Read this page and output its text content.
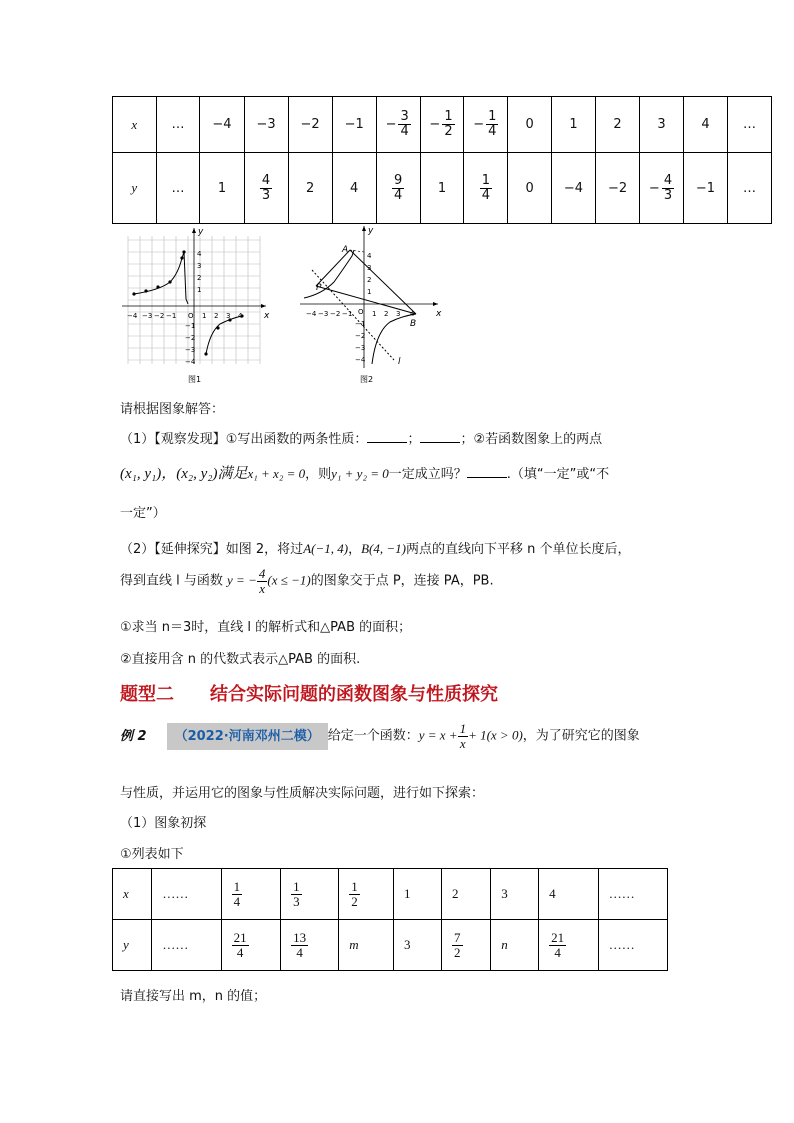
x	…	−4	−3	−2	−1	− $\frac{3}{4}$	− $\frac{1}{2}$	− $\frac{1}{4}$	0	1	2	3	4	…
y	…	1	$\frac{4}{3}$	2	4	$\frac{9}{4}$	1	$\frac{1}{4}$	0	−4	−2	− $\frac{4}{3}$	−1	…
y
x
4
3
2
1
O
−4 −3 −2 −1	1 2 3 4
−1
−2
−3
−4
图1
4
3
2
1
O
−4 −3 −2 −1	1 2 3 4
−1
−2
−3
−4
y
x
A
B
P
l
图2
请根据图象解答：
（1）【观察发现】①写出函数的两条性质：	；	；②若函数图象上的两点
(x₁, y₁)，(x₂, y₂)满足x₁ + x₂ = 0，则y₁ + y₂ = 0一定成立吗？	.（填“一定”或“不
一定”）
（2）【延伸探究】如图 2，将过A(−1, 4)，B(4, −1)两点的直线向下平移 n 个单位长度后，
得到直线 l 与函数 y = − $\frac{4}{x} (x \le -1)$的图象交于点 P，连接 PA，PB.
①求当 n＝3时，直线 l 的解析式和△PAB 的面积；
②直接用含 n 的代数式表示△PAB 的面积.
题型二　　结合实际问题的函数图象与性质探究
例 2 （2022·河南邓州二模） 给定一个函数：$y = x + \frac{1}{x} + 1(x > 0)$，为了研究它的图象
与性质，并运用它的图象与性质解决实际问题，进行如下探索：
（1）图象初探
①列表如下
x	……	$\frac{1}{4}$	$\frac{1}{3}$	$\frac{1}{2}$	1	2	3	4	……
y	……	$\frac{21}{4}$	$\frac{13}{4}$	m	3	$\frac{7}{2}$	n	$\frac{21}{4}$	……
请直接写出 m，n 的值；
